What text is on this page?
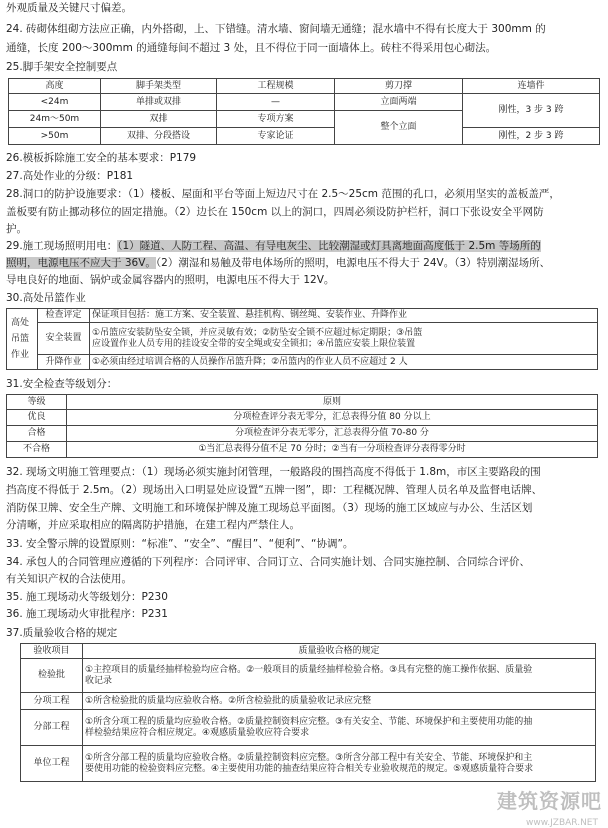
外观质量及关键尺寸偏差。
24. 砖砌体组砌方法应正确，内外搭砌，上、下错缝。清水墙、窗间墙无通缝；混水墙中不得有长度大于 300mm 的
通缝，长度 200～300mm 的通缝每间不超过 3 处，且不得位于同一面墙体上。砖柱不得采用包心砌法。
25.脚手架安全控制要点
高度	脚手架类型	工程规模	剪刀撑	连墙件
<24m	单排或双排	—	立面两端	刚性，3 步 3 跨
24m～50m	双排	专项方案	整个立面	
>50m	双排、分段搭设	专家论证		刚性，2 步 3 跨
26.模板拆除施工安全的基本要求：P179
27.高处作业的分级：P181
28.洞口的防护设施要求：（1）楼板、屋面和平台等面上短边尺寸在 2.5～25cm 范围的孔口，必须用坚实的盖板盖严，
盖板要有防止挪动移位的固定措施。（2）边长在 150cm 以上的洞口，四周必须设防护栏杆，洞口下张设安全平网防
护。
29.施工现场照明用电：（1）隧道、人防工程、高温、有导电灰尘、比较潮湿或灯具离地面高度低于 2.5m 等场所的
照明，电源电压不应大于 36V。（2）潮湿和易触及带电体场所的照明，电源电压不得大于 24V。（3）特别潮湿场所、
导电良好的地面、锅炉或金属容器内的照明，电源电压不得大于 12V。
30.高处吊篮作业
高处吊篮作业	检查评定	保证项目包括：施工方案、安全装置、悬挂机构、钢丝绳、安装作业、升降作业
	安全装置	①吊篮应安装防坠安全锁，并应灵敏有效；②防坠安全锁不应超过标定期限；③吊篮
应设置作业人员专用的挂设安全带的安全绳或安全锁扣；④吊篮应安装上限位装置

	升降作业	①必须由经过培训合格的人员操作吊篮升降；②吊篮内的作业人员不应超过 2 人
31.安全检查等级划分：
等级	原则
优良	分项检查评分表无零分，汇总表得分值 80 分以上
合格	分项检查评分表无零分，汇总表得分值 70-80 分
不合格	①当汇总表得分值不足 70 分时；②当有一分项检查评分表得零分时
32. 现场文明施工管理要点：（1）现场必须实施封闭管理，一般路段的围挡高度不得低于 1.8m，市区主要路段的围
挡高度不得低于 2.5m。（2）现场出入口明显处应设置“五牌一图”，即：工程概况牌、管理人员名单及监督电话牌、
消防保卫牌、安全生产牌、文明施工和环境保护牌及施工现场总平面图。（3）现场的施工区域应与办公、生活区划
分清晰，并应采取相应的隔离防护措施，在建工程内严禁住人。
33. 安全警示牌的设置原则：“标准”、“安全”、“醒目”、“便利”、“协调”。
34. 承包人的合同管理应遵循的下列程序：合同评审、合同订立、合同实施计划、合同实施控制、合同综合评价、
有关知识产权的合法使用。
35. 施工现场动火等级划分：P230
36. 施工现场动火审批程序：P231
37.质量验收合格的规定
验收项目	质量验收合格的规定
检验批	①主控项目的质量经抽样检验均应合格。②一般项目的质量经抽样检验合格。③具有完整的施工操作依据、质量验
收记录

分项工程	①所含检验批的质量均应验收合格。②所含检验批的质量验收记录应完整
分部工程	①所含分项工程的质量均应验收合格。②质量控制资料应完整。③有关安全、节能、环境保护和主要使用功能的抽
样检验结果应符合相应规定。④观感质量验收应符合要求

单位工程	①所含分部工程的质量均应验收合格。②质量控制资料应完整。③所含分部工程中有关安全、节能、环境保护和主
要使用功能的检验资料应完整。④主要使用功能的抽查结果应符合相关专业验收规范的规定。⑤观感质量符合要求
建筑资源吧
www.JZBAR.NET
